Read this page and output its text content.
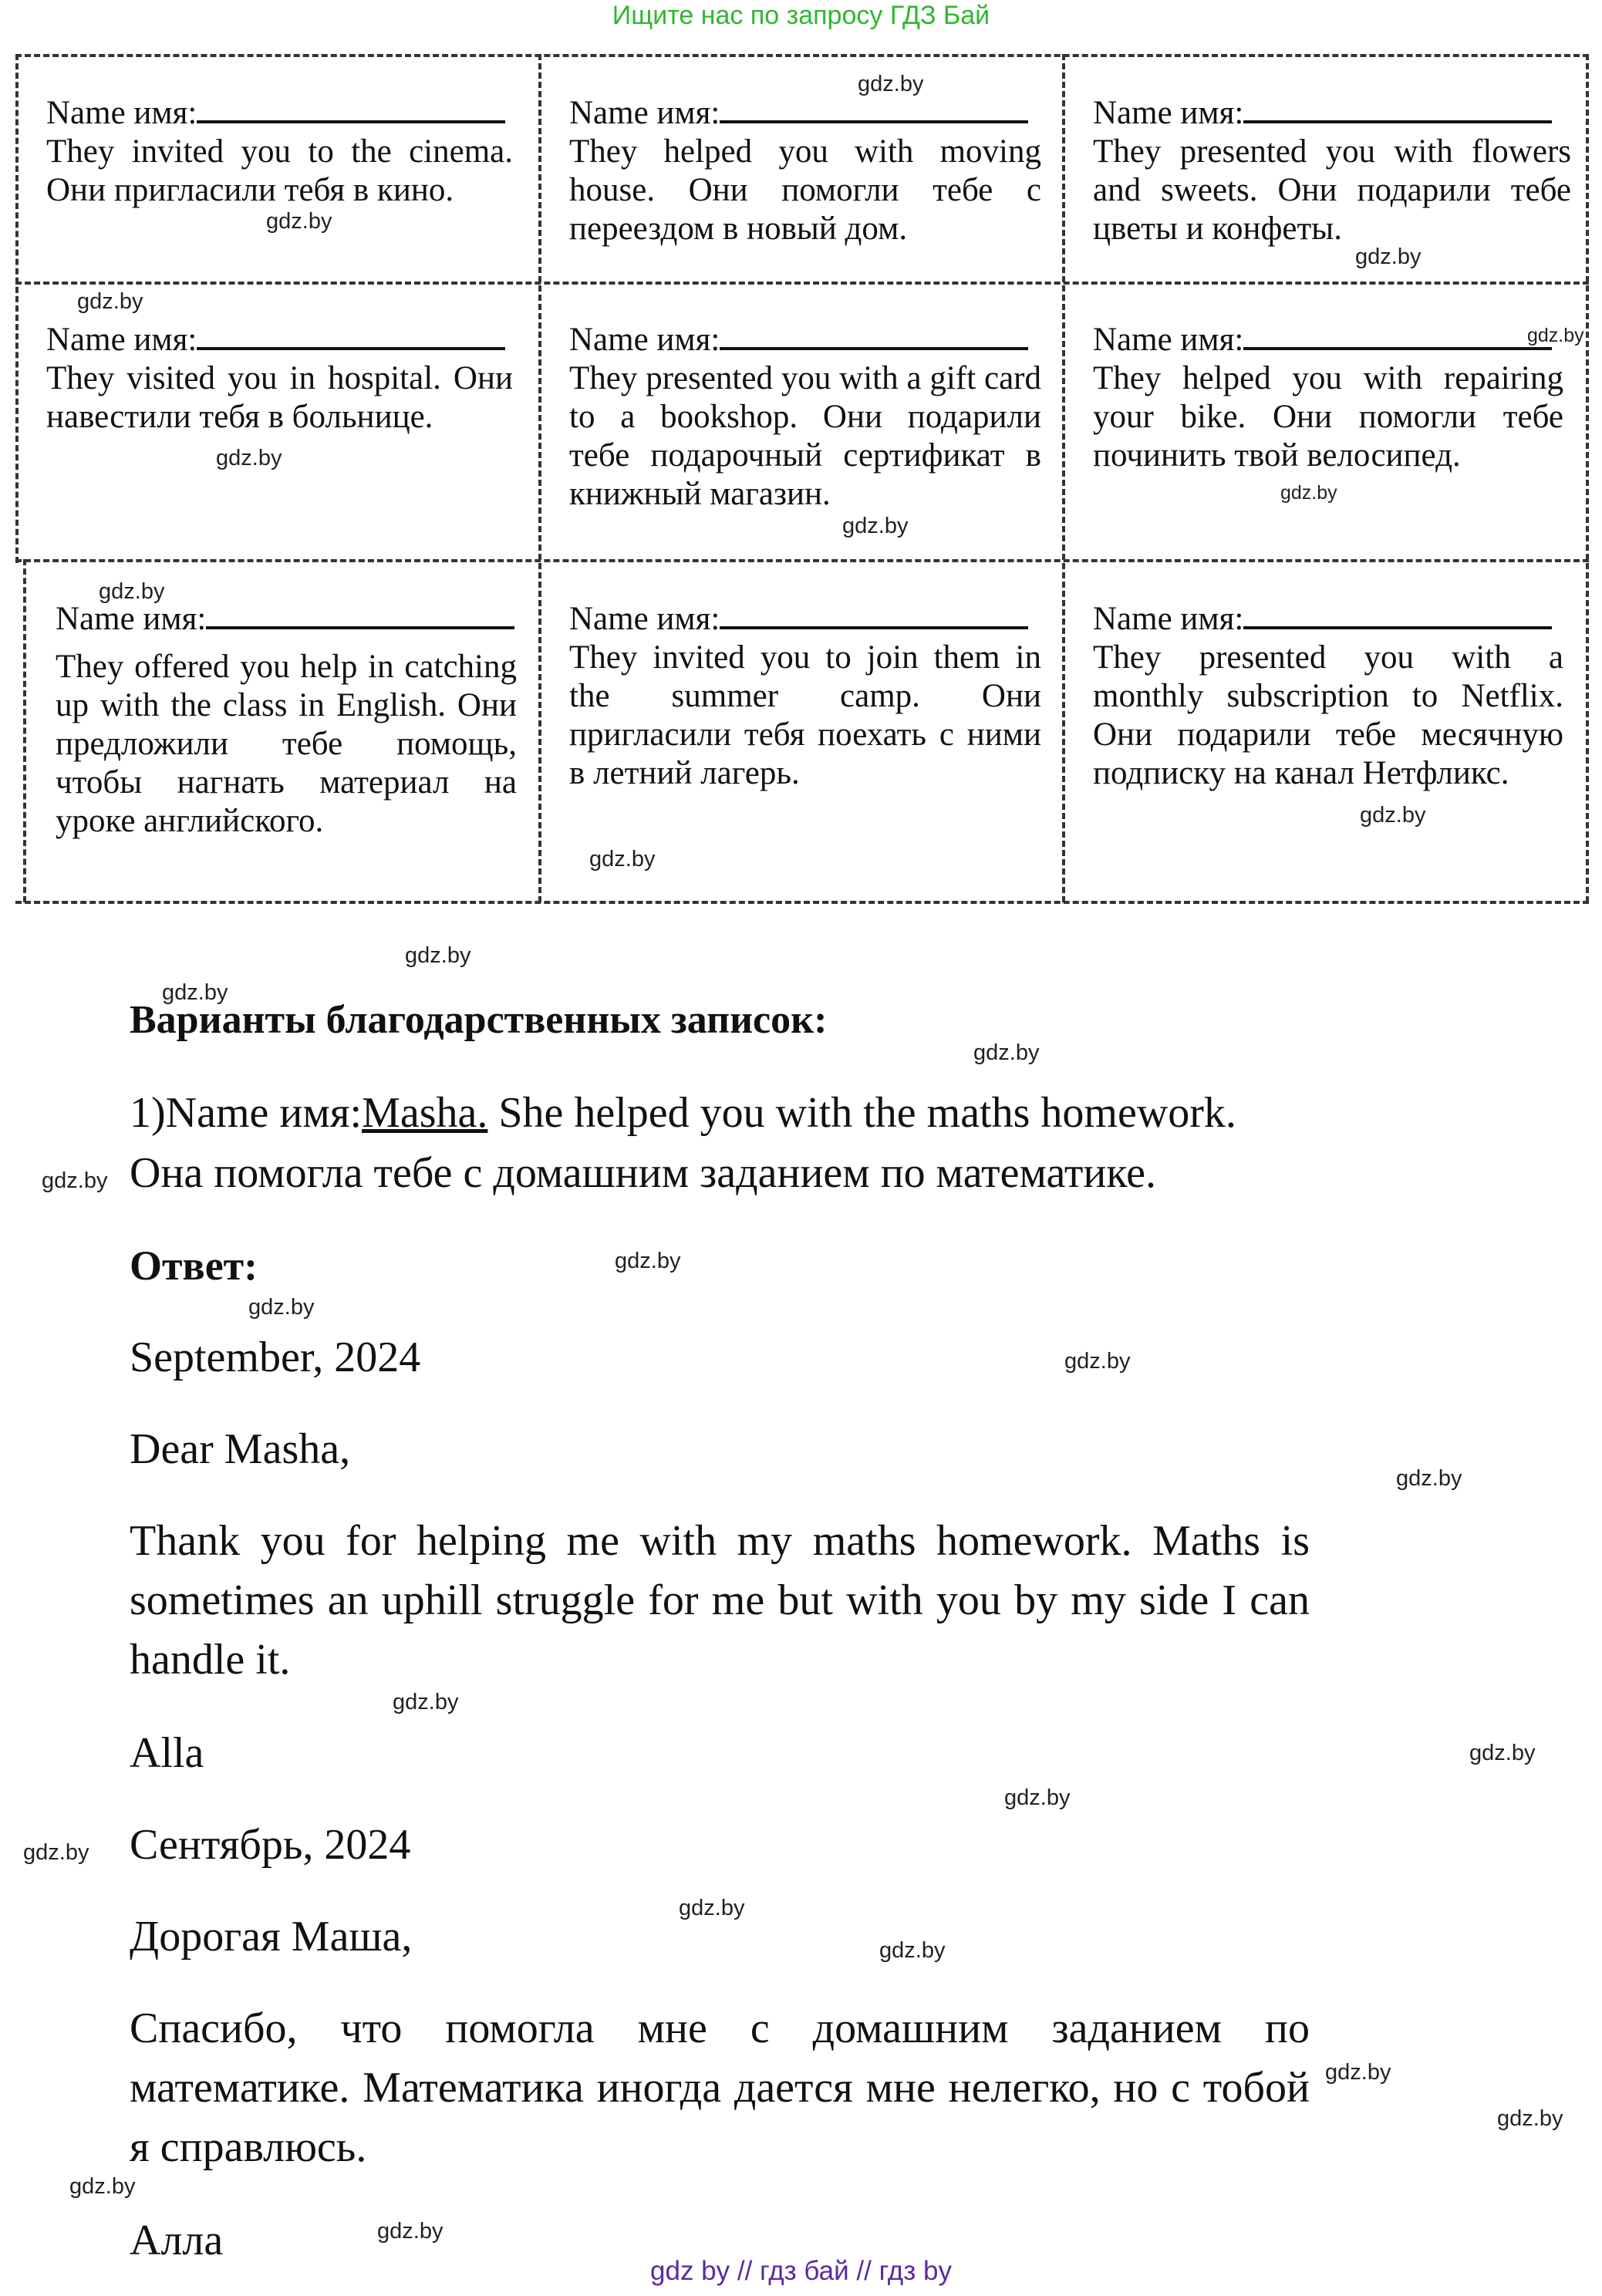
Ищите нас по запросу ГДЗ Бай
Name имя:
They invited you to the cinema. Они пригласили тебя в кино.
Name имя:
They helped you with moving house. Они помогли тебе с переездом в новый дом.
Name имя:
They presented you with flowers and sweets. Они подарили тебе цветы и конфеты.
Name имя:
They visited you in hospital. Они навестили тебя в больнице.
Name имя:
They presented you with a gift card to a bookshop. Они подарили тебе подарочный сертификат в книжный магазин.
Name имя:
They helped you with repairing your bike. Они помогли тебе починить твой велосипед.
Name имя:
They offered you help in catching up with the class in English. Они предложили тебе помощь, чтобы нагнать материал на уроке английского.
Name имя:
They invited you to join them in the summer camp. Они пригласили тебя поехать с ними в летний лагерь.
Name имя:
They presented you with a monthly subscription to Netflix. Они подарили тебе месячную подписку на канал Нетфликс.
Варианты благодарственных записок:
1)Name имя:Masha. She helped you with the maths homework.
Она помогла тебе с домашним заданием по математике.
Ответ:
September, 2024
Dear Masha,
Thank you for helping me with my maths homework. Maths is sometimes an uphill struggle for me but with you by my side I can handle it.
Alla
Сентябрь, 2024
Дорогая Маша,
Спасибо, что помогла мне с домашним заданием по математике. Математика иногда дается мне нелегко, но с тобой я справлюсь.
Алла
gdz.by
gdz.by
gdz.by
gdz.by
gdz.by
gdz.by
gdz.by
gdz.by
gdz.by
gdz.by
gdz.by
gdz.by
gdz.by
gdz.by
gdz.by
gdz.by
gdz.by
gdz.by
gdz.by
gdz.by
gdz.by
gdz.by
gdz.by
gdz.by
gdz.by
gdz.by
gdz.by
gdz.by
gdz.by
gdz by // гдз бай // гдз by
